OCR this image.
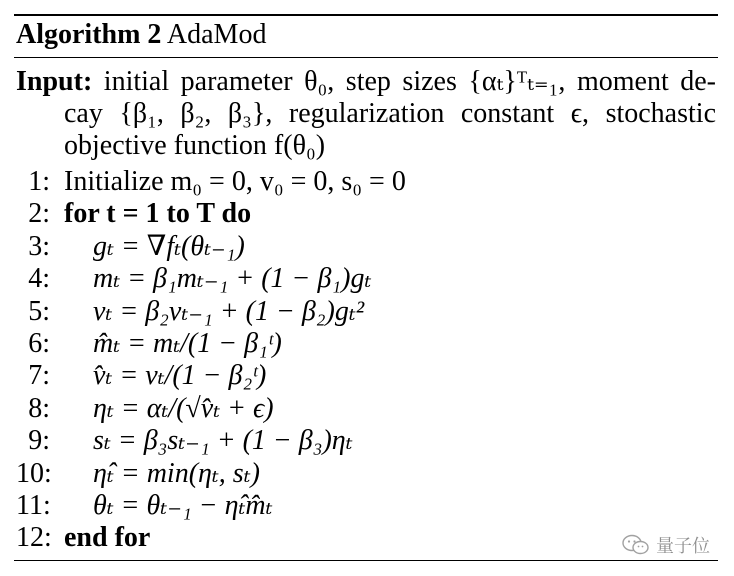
Algorithm 2 AdaMod
Input: initial parameter θ₀, step sizes {αₜ}ᵀₜ₌₁, moment de-
cay {β₁, β₂, β₃}, regularization constant ϵ, stochastic
objective function f(θ₀)
1: Initialize m₀ = 0, v₀ = 0, s₀ = 0
2: for t = 1 to T do
3: gₜ = ∇fₜ(θₜ₋₁)
4: mₜ = β₁mₜ₋₁ + (1 − β₁)gₜ
5: vₜ = β₂vₜ₋₁ + (1 − β₂)gₜ²
6: m̂ₜ = mₜ/(1 − β₁ᵗ)
7: v̂ₜ = vₜ/(1 − β₂ᵗ)
8: ηₜ = αₜ/(√v̂ₜ + ϵ)
9: sₜ = β₃sₜ₋₁ + (1 − β₃)ηₜ
10: η̂ₜ = min(ηₜ, sₜ)
11: θₜ = θₜ₋₁ − η̂ₜm̂ₜ
12: end for	量子位
